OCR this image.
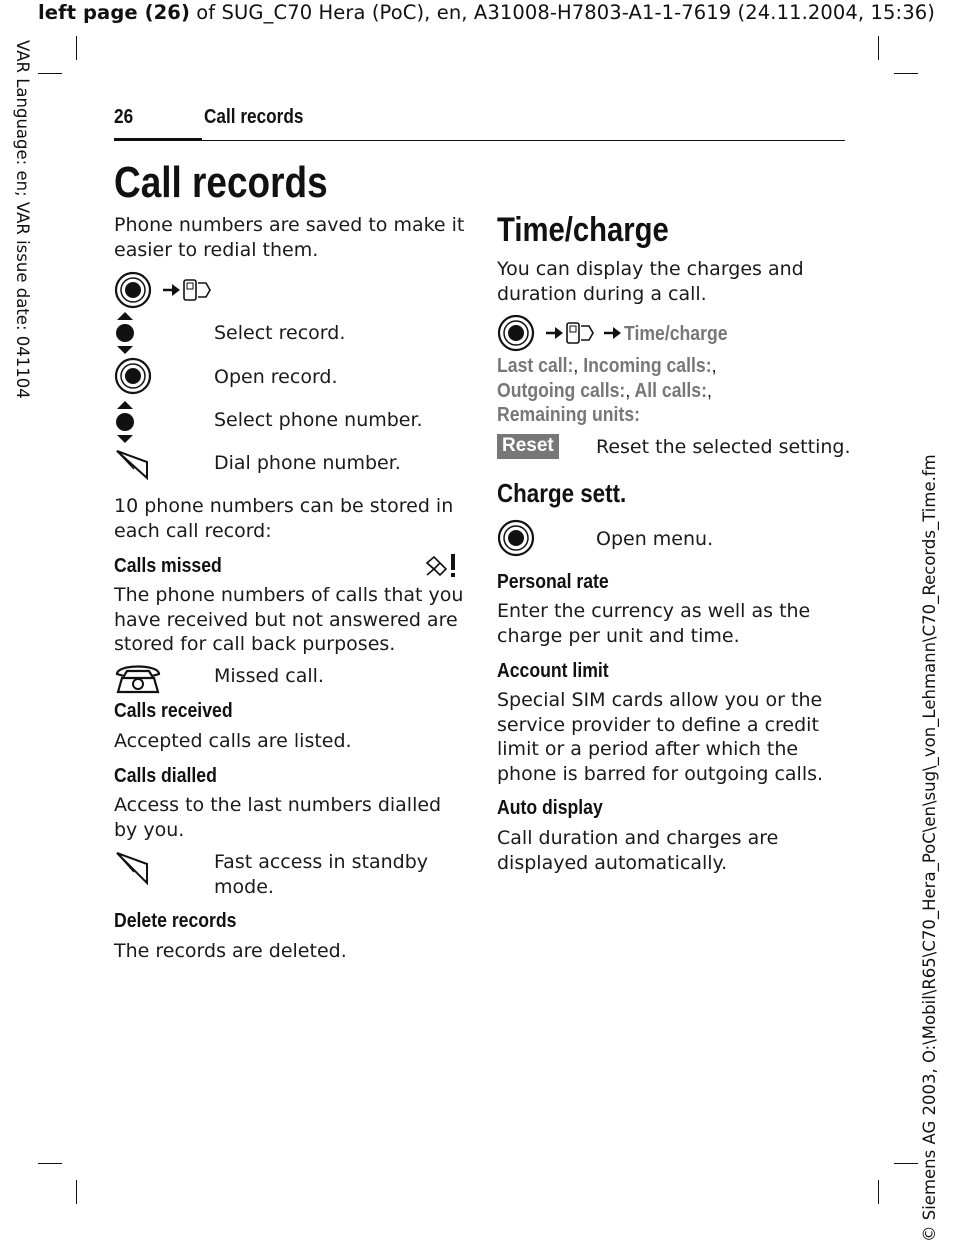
left page (26) of SUG_C70 Hera (PoC), en, A31008-H7803-A1-1-7619 (24.11.2004, 15:36)
VAR Language: en; VAR issue date: 041104
© Siemens AG 2003, O:\Mobil\R65\C70_Hera_PoC\en\sug\_von_Lehmann\C70_Records_Time.fm
26	Call records
Call records
Phone numbers are saved to make it
easier to redial them.
Select record.
Open record.
Select phone number.
Dial phone number.
10 phone numbers can be stored in
each call record:
Calls missed
The phone numbers of calls that you
have received but not answered are
stored for call back purposes.
Missed call.
Calls received
Accepted calls are listed.
Calls dialled
Access to the last numbers dialled
by you.
Fast access in standby
mode.
Delete records
The records are deleted.
Time/charge
You can display the charges and
duration during a call.
Time/charge
Last call:, Incoming calls:,
Outgoing calls:, All calls:,
Remaining units:
Reset Reset the selected setting.
Charge sett.
Open menu.
Personal rate
Enter the currency as well as the
charge per unit and time.
Account limit
Special SIM cards allow you or the
service provider to define a credit
limit or a period after which the
phone is barred for outgoing calls.
Auto display
Call duration and charges are
displayed automatically.
